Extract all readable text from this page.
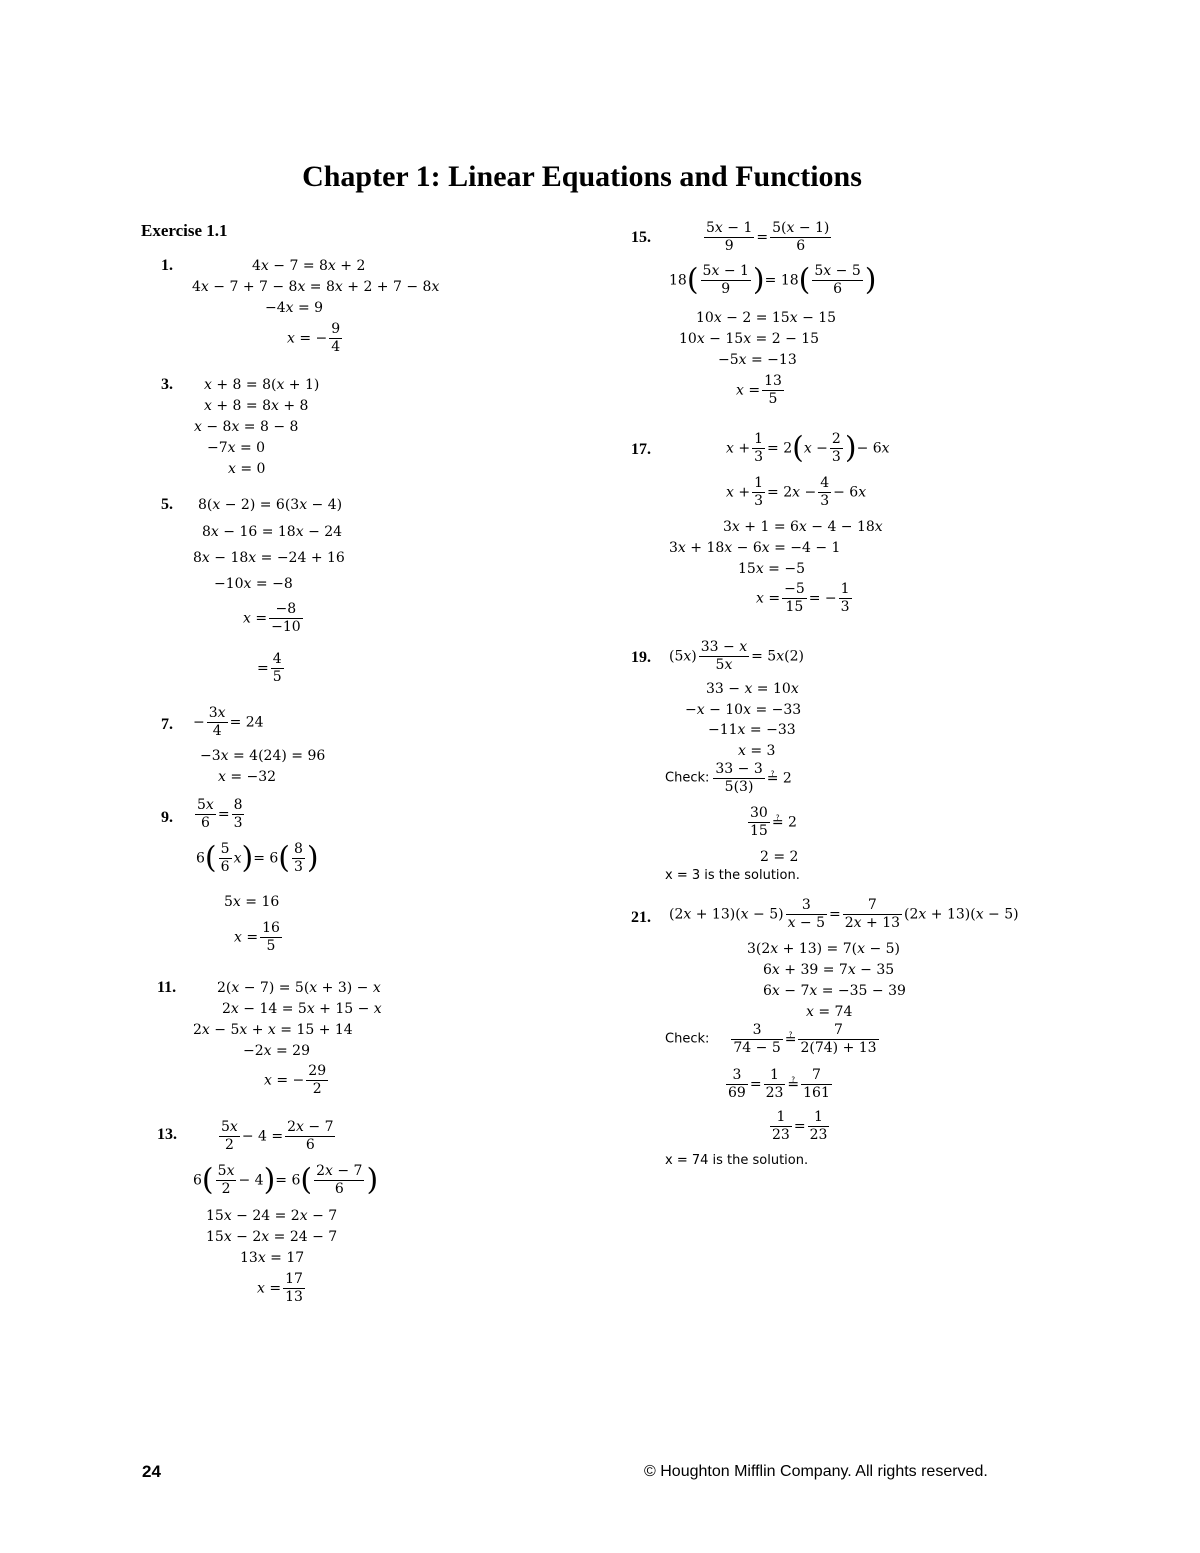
Chapter 1: Linear Equations and Functions
Exercise 1.1
1.	4x − 7 = 8x + 2
4x − 7 + 7 − 8x = 8x + 2 + 7 − 8x
−4x = 9
x = − $\frac{9}{4}$
3. x + 8 = 8(x + 1)
x + 8 = 8x + 8
x − 8x = 8 − 8
−7x = 0
x = 0
5. 8(x − 2) = 6(3x − 4)
8x − 16 = 18x − 24
8x − 18x = −24 + 16
−10x = −8
$x = \frac{-8}{-10}$
= $\frac{4}{5}$
7. − $\frac{3x}{4} = 24$
−3x = 4(24) = 96
x = −32
9. $\frac{5x}{6} = \frac{8}{3}$
$6( \frac{5}{6} x)= 6( \frac{8}{3}$ )
5x = 16
$x = \frac{16}{5}$
11.	2(x − 7) = 5(x + 3) − x
2x − 14 = 5x + 15 − x
2x − 5x + x = 15 + 14
−2x = 29
x = − $\frac{29}{2}$
13.	$\frac{5x}{2} - 4 = \frac{2x - 7}{6}$
$6( \frac{5x}{2} - 4)= 6( \frac{2x - 7}{6}$ )
15x − 24 = 2x − 7
15x − 2x = 24 − 7
13x = 17
$x = \frac{17}{13}$
15.	$\frac{5x - 1}{9} = \frac{5(x - 1)}{6}$
$18( \frac{5x - 1}{9}$ )= $18( \frac{5x - 5}{6}$ )
10x − 2 = 15x − 15
10x − 15x = 2 − 15
−5x = −13
$x = \frac{13}{5}$
17.	$x + \frac{1}{3} = 2(x - \frac{2}{3}$ )− 6x
$x + \frac{1}{3} = 2x - \frac{4}{3} - 6x$
3x + 1 = 6x − 4 − 18x
3x + 18x − 6x = −4 − 1
15x = −5
$x = \frac{-5}{15}$ = − $\frac{1}{3}$
19. $(5x) \frac{33 - x}{5x} = 5x(2)$
33 − x = 10x
−x − 10x = −33
−11x = −33
x = 3
Check: $\frac{33 - 3}{5(3)}$ ≟ 2
$\frac{30}{15}$ ≟ 2
2 = 2
x = 3 is the solution.
21. $(2x + 13)(x - 5) \frac{3}{x - 5} = \frac{7}{2x + 13} (2x + 13)(x - 5)$
3(2x + 13) = 7(x − 5)
6x + 39 = 7x − 35
6x − 7x = −35 − 39
x = 74
Check: $\frac{3}{74 - 5}$ ≟ $\frac{7}{2(74) + 13}$
$\frac{3}{69} = \frac{1}{23}$ ≟ $\frac{7}{161}$
$\frac{1}{23} = \frac{1}{23}$
x = 74 is the solution.
24	© Houghton Mifflin Company. All rights reserved.
